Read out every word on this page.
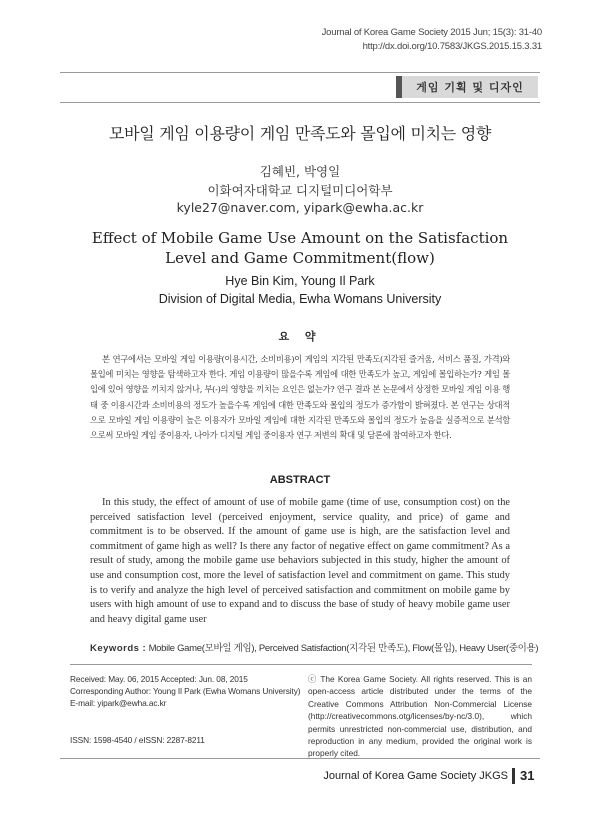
Journal of Korea Game Society 2015 Jun; 15(3): 31-40
http://dx.doi.org/10.7583/JKGS.2015.15.3.31
게임 기획 및 디자인
모바일 게임 이용량이 게임 만족도와 몰입에 미치는 영향
김혜빈, 박영일
이화여자대학교 디지털미디어학부
kyle27@naver.com, yipark@ewha.ac.kr
Effect of Mobile Game Use Amount on the Satisfaction Level and Game Commitment(flow)
Hye Bin Kim, Young Il Park
Division of Digital Media, Ewha Womans University
요 약
본 연구에서는 모바일 게임 이용량(이용시간, 소비비용)이 게임의 지각된 만족도(지각된 즐거움, 서비스 품질, 가격)와 몰입에 미치는 영향을 탐색하고자 한다. 게임 이용량이 많을수록 게임에 대한 만족도가 높고, 게임에 몰입하는가? 게임 몰입에 있어 영향을 끼치지 않거나, 부(-)의 영향을 끼치는 요인은 없는가? 연구 결과 본 논문에서 상정한 모바일 게임 이용 행태 중 이용시간과 소비비용의 정도가 높을수록 게임에 대한 만족도와 몰입의 정도가 증가함이 밝혀졌다. 본 연구는 상대적으로 모바일 게임 이용량이 높은 이용자가 모바일 게임에 대한 지각된 만족도와 몰입의 정도가 높음을 실증적으로 분석함으로써 모바일 게임 중이용자, 나아가 디지털 게임 중이용자 연구 저변의 확대 및 담론에 참여하고자 한다.
ABSTRACT
In this study, the effect of amount of use of mobile game (time of use, consumption cost) on the perceived satisfaction level (perceived enjoyment, service quality, and price) of game and commitment is to be observed. If the amount of game use is high, are the satisfaction level and commitment of game high as well? Is there any factor of negative effect on game commitment? As a result of study, among the mobile game use behaviors subjected in this study, higher the amount of use and consumption cost, more the level of satisfaction level and commitment on game. This study is to verify and analyze the high level of perceived satisfaction and commitment on mobile game by users with high amount of use to expand and to discuss the base of study of heavy mobile game user and heavy digital game user
Keywords : Mobile Game(모바일 게임), Perceived Satisfaction(지각된 만족도), Flow(몰입), Heavy User(중이용)
Received: May. 06, 2015 Accepted: Jun. 08, 2015
Corresponding Author: Young Il Park (Ewha Womans University)
E-mail: yipark@ewha.ac.kr
ISSN: 1598-4540 / eISSN: 2287-8211
ⓒ The Korea Game Society. All rights reserved. This is an open-access article distributed under the terms of the Creative Commons Attribution Non-Commercial License (http://creativecommons.otg/licenses/by-nc/3.0), which permits unrestricted non-commercial use, distribution, and reproduction in any medium, provided the original work is properly cited.
Journal of Korea Game Society JKGS 31
